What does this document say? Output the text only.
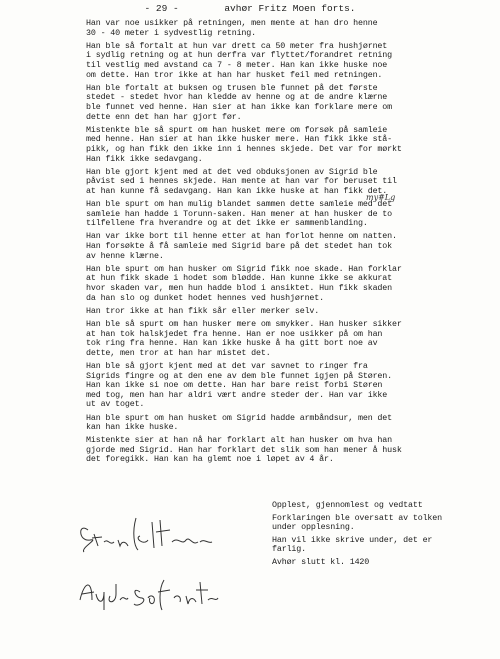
- 29 -        avhør Fritz Moen forts.
Han var noe usikker på retningen, men mente at han dro henne
30 - 40 meter i sydvestlig retning.
Han ble så fortalt at hun var drett ca 50 meter fra hushjørnet
i sydlig retning og at hun derfra var flyttet/forandret retning
til vestlig med avstand ca 7 - 8 meter. Han kan ikke huske noe
om dette. Han tror ikke at han har husket feil med retningen.
Han ble fortalt at buksen og trusen ble funnet på det første
stedet - stedet hvor han kledde av henne og at de andre klærne
ble funnet ved henne. Han sier at han ikke kan forklare mere om
dette enn det han har gjort før.
Mistenkte ble så spurt om han husket mere om forsøk på samleie
med henne. Han sier at han ikke husker mere. Han fikk ikke stå-
pikk, og han fikk den ikke inn i hennes skjede. Det var for mørkt
Han fikk ikke sedavgang.
Han ble gjort kjent med at det ved obduksjonen av Sigrid ble
påvist sed i hennes skjede. Han mente at han var for beruset til
at han kunne få sedavgang. Han kan ikke huske at han fikk det.
Han ble spurt om han mulig blandet sammen dette samleie med det
samleie han hadde i Torunn-saken. Han mener at han husker de to
tilfellene fra hverandre og at det ikke er sammenblanding.
Han var ikke bort til henne etter at han forlot henne om natten.
Han forsøkte å få samleie med Sigrid bare på det stedet han tok
av henne klærne.
Han ble spurt om han husker om Sigrid fikk noe skade. Han forklar
at hun fikk skade i hodet som blødde. Han kunne ikke se akkurat
hvor skaden var, men hun hadde blod i ansiktet. Hun fikk skaden
da han slo og dunket hodet hennes ved hushjørnet.
Han tror ikke at han fikk sår eller merker selv.
Han ble så spurt om han husker mere om smykker. Han husker sikker
at han tok halskjedet fra henne. Han er noe usikker på om han
tok ring fra henne. Han kan ikke huske å ha gitt bort noe av
dette, men tror at han har mistet det.
Han ble så gjort kjent med at det var savnet to ringer fra
Sigrids fingre og at den ene av dem ble funnet igjen på Støren.
Han kan ikke si noe om dette. Han har bare reist forbi Støren
med tog, men han har aldri vært andre steder der. Han var ikke
ut av toget.
Han ble spurt om han husket om Sigrid hadde armbåndsur, men det
kan han ikke huske.
Mistenkte sier at han nå har forklart alt han husker om hva han
gjorde med Sigrid. Han har forklart det slik som han mener å husk
det foregikk. Han kan ha glemt noe i løpet av 4 år.
my#Lg
Opplest, gjennomlest og vedtatt
Forklaringen ble oversatt av tolken
under opplesning.
Han vil ikke skrive under, det er
farlig.
Avhør slutt kl. 1420
